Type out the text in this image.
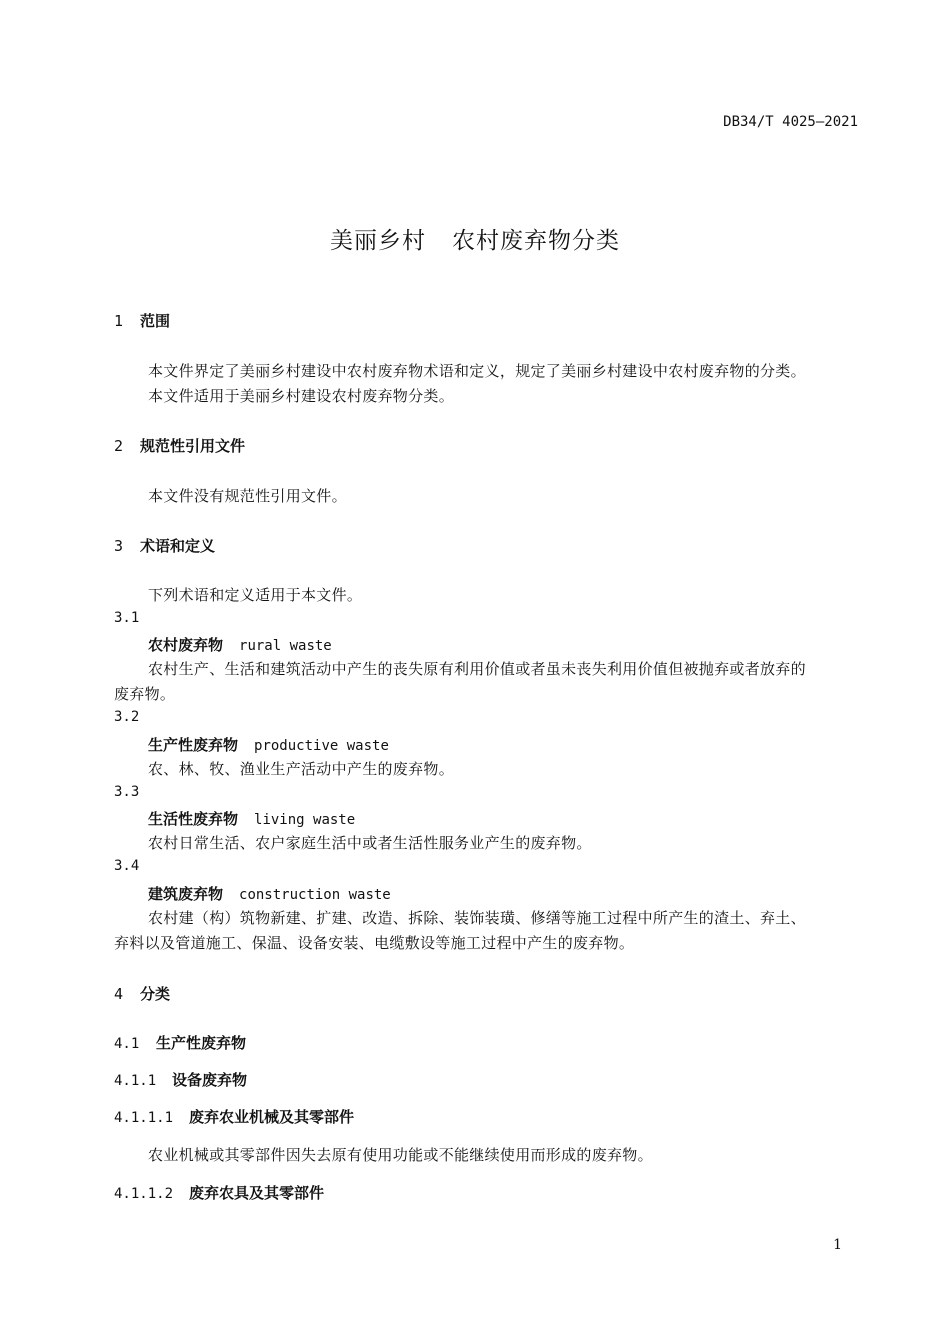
DB34/T 4025—2021
美丽乡村 农村废弃物分类
1 范围
本文件界定了美丽乡村建设中农村废弃物术语和定义，规定了美丽乡村建设中农村废弃物的分类。
本文件适用于美丽乡村建设农村废弃物分类。
2 规范性引用文件
本文件没有规范性引用文件。
3 术语和定义
下列术语和定义适用于本文件。
3.1
农村废弃物 rural waste
农村生产、生活和建筑活动中产生的丧失原有利用价值或者虽未丧失利用价值但被抛弃或者放弃的
废弃物。
3.2
生产性废弃物 productive waste
农、林、牧、渔业生产活动中产生的废弃物。
3.3
生活性废弃物 living waste
农村日常生活、农户家庭生活中或者生活性服务业产生的废弃物。
3.4
建筑废弃物 construction waste
农村建（构）筑物新建、扩建、改造、拆除、装饰装璜、修缮等施工过程中所产生的渣土、弃土、
弃料以及管道施工、保温、设备安装、电缆敷设等施工过程中产生的废弃物。
4 分类
4.1 生产性废弃物
4.1.1 设备废弃物
4.1.1.1 废弃农业机械及其零部件
农业机械或其零部件因失去原有使用功能或不能继续使用而形成的废弃物。
4.1.1.2 废弃农具及其零部件
1
